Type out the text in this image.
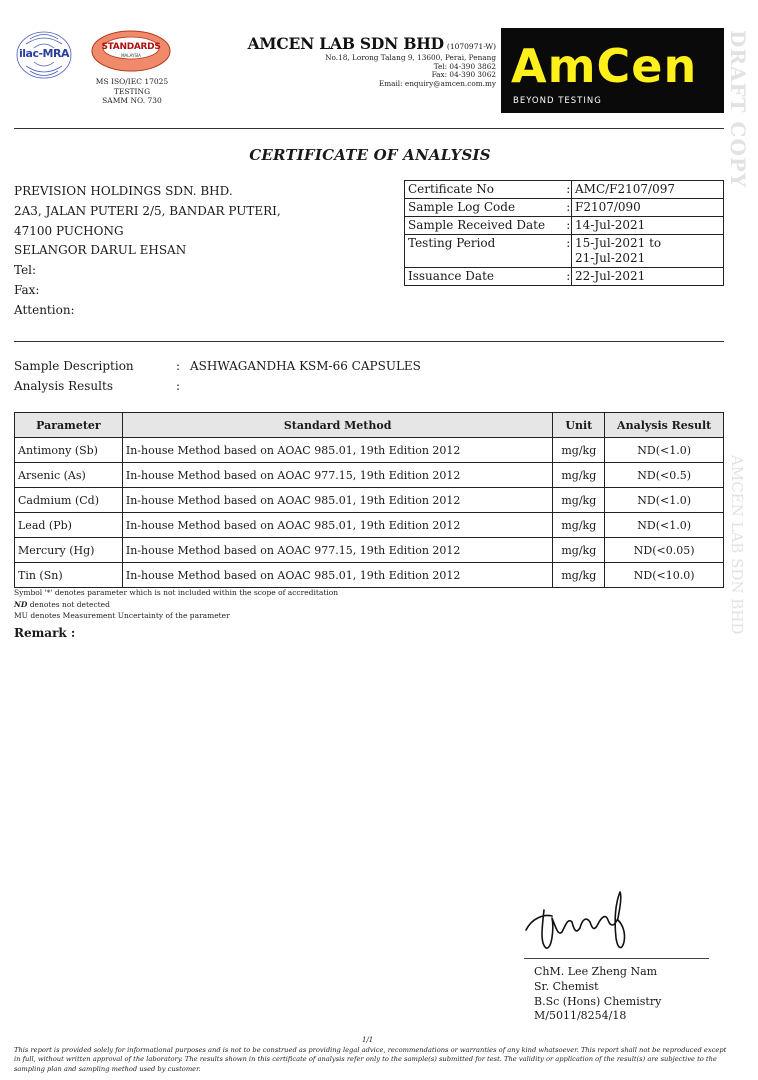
ilac-MRA	STANDARDS
MALAYSIA
MS ISO/IEC 17025
TESTING
SAMM NO. 730
AMCEN LAB SDN BHD (1070971-W)
No.18, Lorong Talang 9, 13600, Perai, Penang
Tel: 04-390 3862
Fax: 04-390 3062
Email: enquiry@amcen.com.my AmCen
BEYOND TESTING	DRAFT COPY
AMCEN LAB SDN BHD
CERTIFICATE OF ANALYSIS
PREVISION HOLDINGS SDN. BHD.
2A3, JALAN PUTERI 2/5, BANDAR PUTERI,
47100 PUCHONG
SELANGOR DARUL EHSAN
Tel:
Fax:
Attention:
Certificate No	:	AMC/F2107/097
Sample Log Code	:	F2107/090
Sample Received Date	:	14-Jul-2021
Testing Period	:	15-Jul-2021 to
21-Jul-2021

Issuance Date	:	22-Jul-2021
Sample Description	: ASHWAGANDHA KSM-66 CAPSULES
Analysis Results	:
Parameter	Standard Method	Unit	Analysis Result
Antimony (Sb)	In-house Method based on AOAC 985.01, 19th Edition 2012	mg/kg	ND(<1.0)
Arsenic (As)	In-house Method based on AOAC 977.15, 19th Edition 2012	mg/kg	ND(<0.5)
Cadmium (Cd)	In-house Method based on AOAC 985.01, 19th Edition 2012	mg/kg	ND(<1.0)
Lead (Pb)	In-house Method based on AOAC 985.01, 19th Edition 2012	mg/kg	ND(<1.0)
Mercury (Hg)	In-house Method based on AOAC 977.15, 19th Edition 2012	mg/kg	ND(<0.05)
Tin (Sn)	In-house Method based on AOAC 985.01, 19th Edition 2012	mg/kg	ND(<10.0)
Symbol '*' denotes parameter which is not included within the scope of accreditation
ND denotes not detected
MU denotes Measurement Uncertainty of the parameter
Remark :
ChM. Lee Zheng Nam
Sr. Chemist
B.Sc (Hons) Chemistry
M/5011/8254/18
1/1
This report is provided solely for informational purposes and is not to be construed as providing legal advice, recommendations or warranties of any kind whatsoever. This report shall not be reproduced except in full, without written approval of the laboratory. The results shown in this certificate of analysis refer only to the sample(s) submitted for test. The validity or application of the result(s) are subjective to the sampling plan and sampling method used by customer.
